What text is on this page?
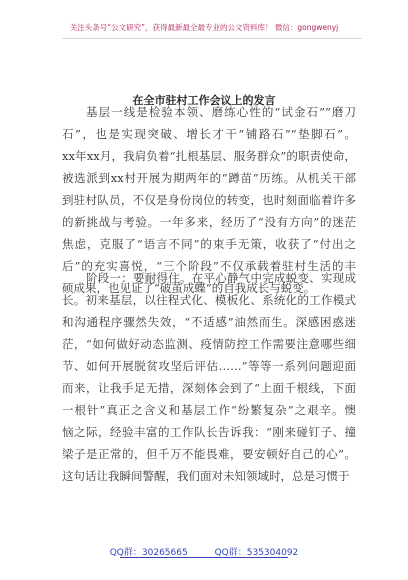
关注头条号“公文研究”，获得最新最全最专业的公文资料库！ 微信：gongwenyj
在全市驻村工作会议上的发言
基层一线是检验本领、磨练心性的“试金石”“磨刀
石”，也是实现突破、增长才干“铺路石”“垫脚石”。
xx年xx月，我肩负着“扎根基层、服务群众”的职责使命，
被选派到xx村开展为期两年的“蹲苗”历练。从机关干部
到驻村队员，不仅是身份岗位的转变，也时刻面临着许多
的新挑战与考验。一年多来，经历了“没有方向”的迷茫
焦虑，克服了“语言不同”的束手无策，收获了“付出之
后”的充实喜悦，“三个阶段”不仅承载着驻村生活的丰
硕成果，也见证了“破茧成蝶”的自我成长与蜕变。
阶段一：要耐得住。在平心静气中完成蜕变、实现成
长。初来基层，以往程式化、模板化、系统化的工作模式
和沟通程序骤然失效，“不适感”油然而生。深感困惑迷
茫，“如何做好动态监测、疫情防控工作需要注意哪些细
节、如何开展脱贫攻坚后评估……”等等一系列问题迎面
而来，让我手足无措，深刻体会到了“上面千根线，下面
一根针”真正之含义和基层工作“纷繁复杂”之艰辛。懊
恼之际，经验丰富的工作队长告诉我：“刚来碰钉子、撞
梁子是正常的，但千万不能畏难，要安顿好自己的心”。
这句话让我瞬间警醒，我们面对未知领域时，总是习惯于
QQ群：30265665	QQ群：535304092
